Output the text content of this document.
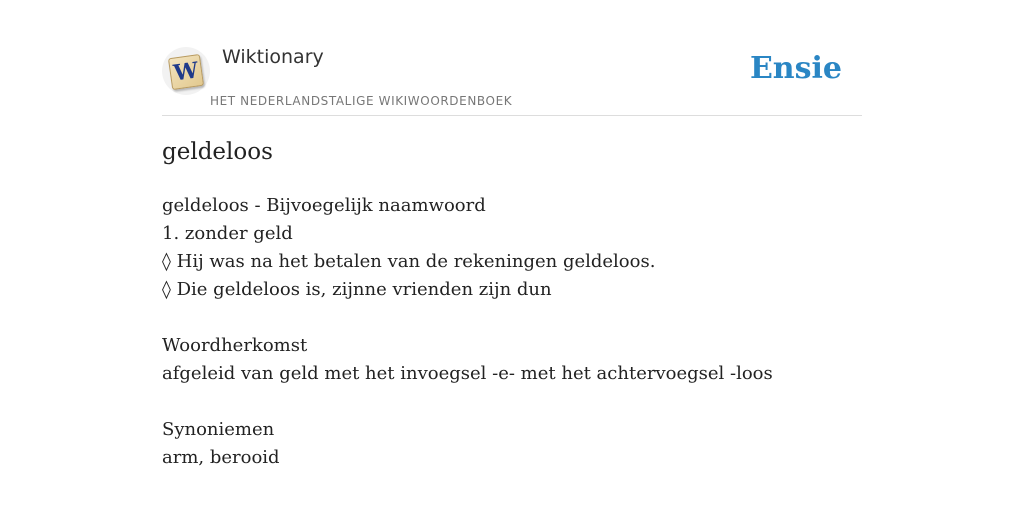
W
Wiktionary
HET NEDERLANDSTALIGE WIKIWOORDENBOEK
Ensie
geldeloos
geldeloos - Bijvoegelijk naamwoord
1. zonder geld
◊ Hij was na het betalen van de rekeningen geldeloos.
◊ Die geldeloos is, zijnne vrienden zijn dun
Woordherkomst
afgeleid van geld met het invoegsel -e- met het achtervoegsel -loos
Synoniemen
arm, berooid
